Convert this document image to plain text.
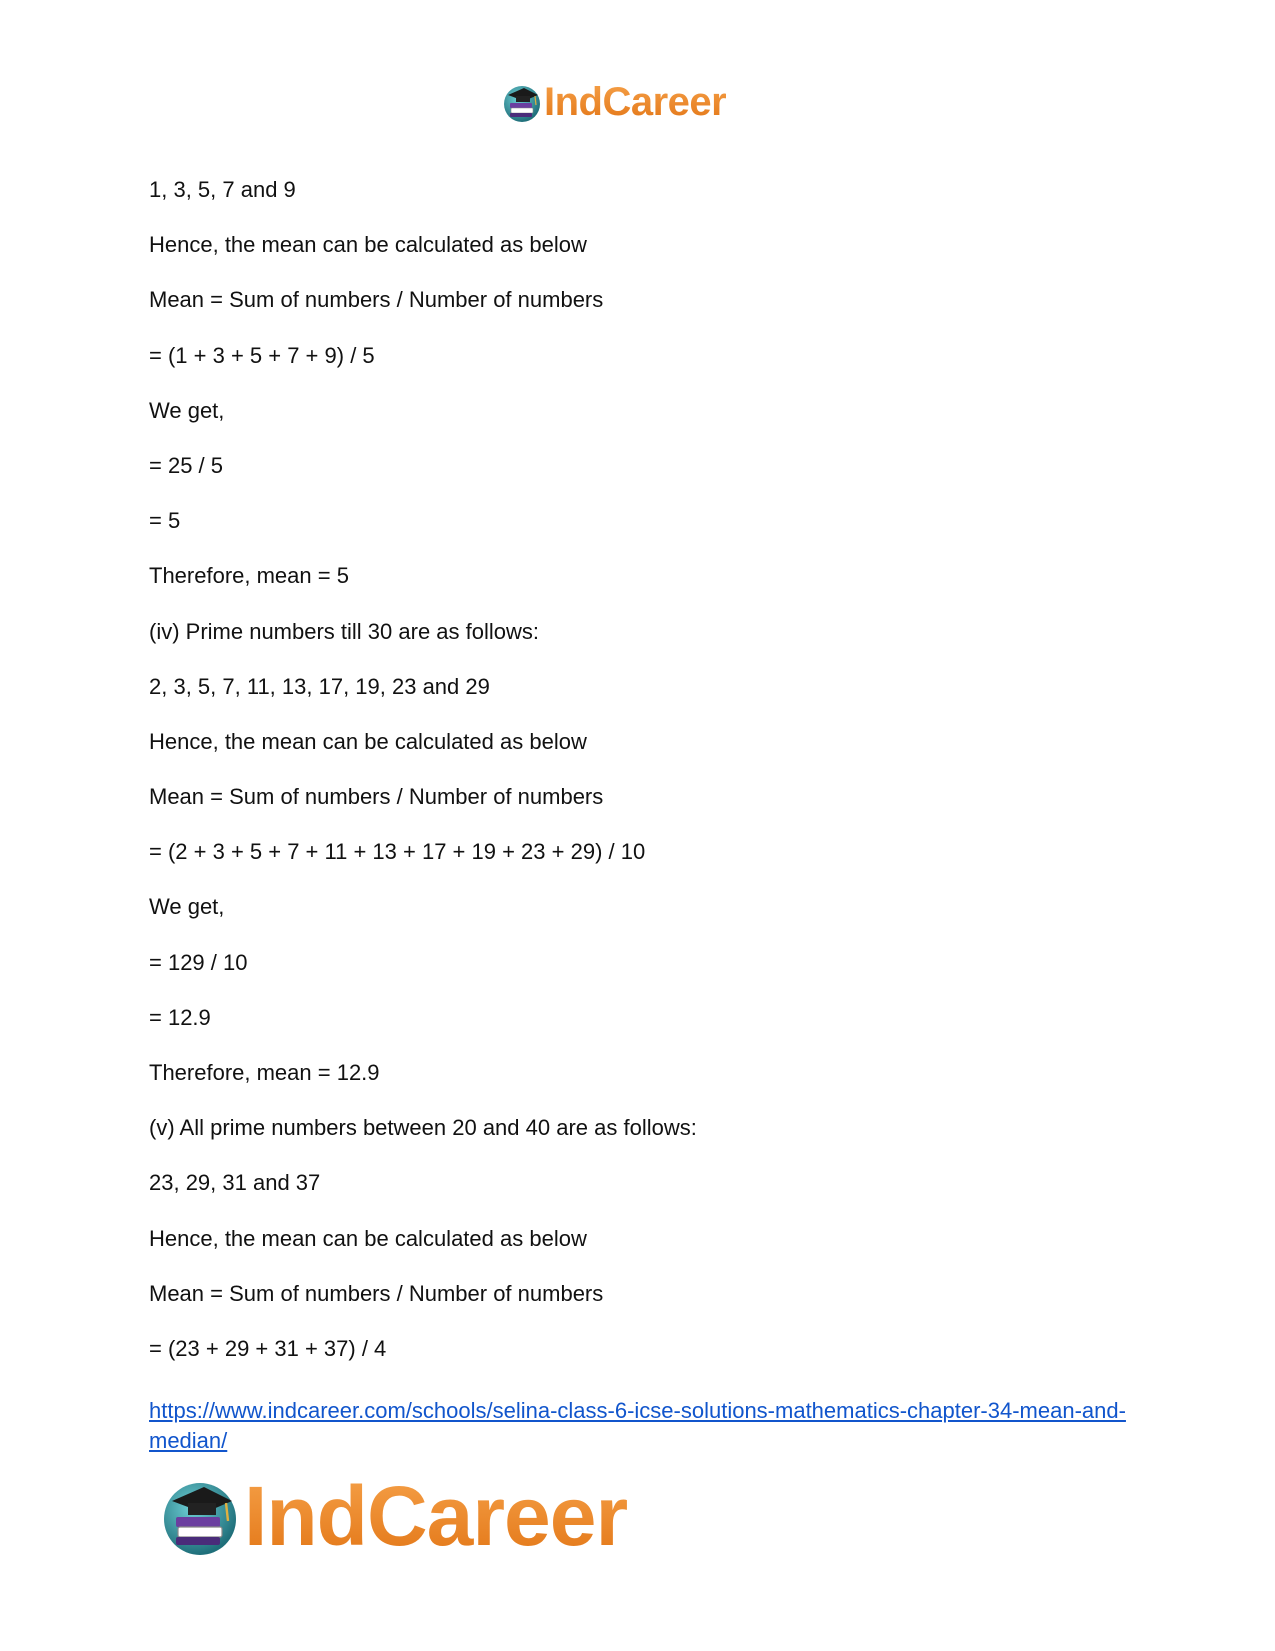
IndCareer

1, 3, 5, 7 and 9

Hence, the mean can be calculated as below

Mean = Sum of numbers / Number of numbers

= (1 + 3 + 5 + 7 + 9) / 5

We get,

= 25 / 5

= 5

Therefore, mean = 5

(iv) Prime numbers till 30 are as follows:

2, 3, 5, 7, 11, 13, 17, 19, 23 and 29

Hence, the mean can be calculated as below

Mean = Sum of numbers / Number of numbers

= (2 + 3 + 5 + 7 + 11 + 13 + 17 + 19 + 23 + 29) / 10

We get,

= 129 / 10

= 12.9

Therefore, mean = 12.9

(v) All prime numbers between 20 and 40 are as follows:

23, 29, 31 and 37

Hence, the mean can be calculated as below

Mean = Sum of numbers / Number of numbers

= (23 + 29 + 31 + 37) / 4

https://www.indcareer.com/schools/selina-class-6-icse-solutions-mathematics-chapter-34-mean-and-median/
IndCareer
